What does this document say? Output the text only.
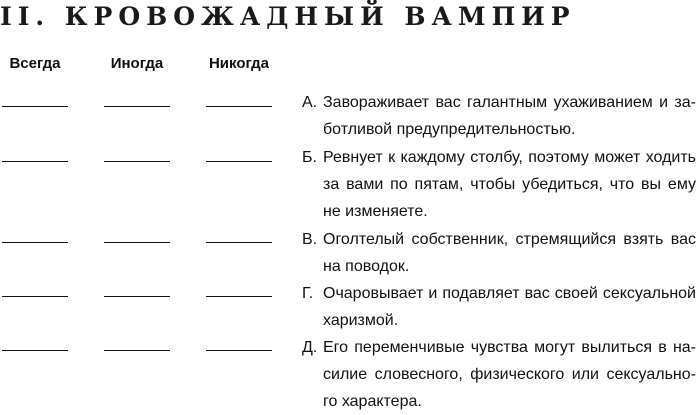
II. КРОВОЖАДНЫЙ ВАМПИР
Всегда	Иногда	Никогда
А. Завораживает вас галантным ухаживанием и за-
ботливой предупредительностью.
Б. Ревнует к каждому столбу, поэтому может ходить
за вами по пятам, чтобы убедиться, что вы ему
не изменяете.
В. Оголтелый собственник, стремящийся взять вас
на поводок.
Г. Очаровывает и подавляет вас своей сексуальной
харизмой.
Д. Его переменчивые чувства могут вылиться в на-
силие словесного, физического или сексуально-
го характера.
